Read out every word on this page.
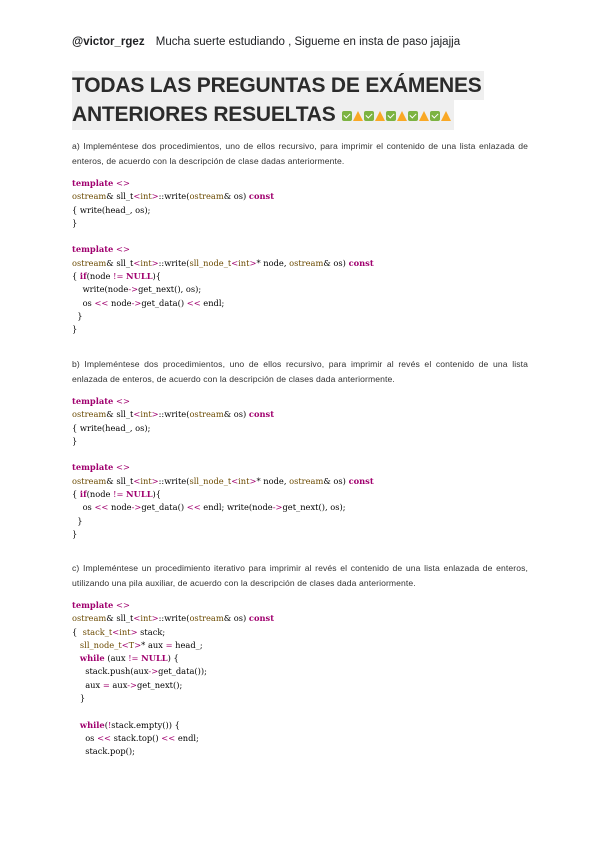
@victor_rgez Mucha suerte estudiando , Sigueme en insta de paso jajajja
TODAS LAS PREGUNTAS DE EXÁMENES
ANTERIORES RESUELTAS
a) Impleméntese dos procedimientos, uno de ellos recursivo, para imprimir el contenido de una lista enlazada de enteros, de acuerdo con la descripción de clase dadas anteriormente.
template <>
ostream& sll_t<int>::write(ostream& os) const
{ write(head_, os);
}

template <>
ostream& sll_t<int>::write(sll_node_t<int>* node, ostream& os) const
{ if(node != NULL){
write(node->get_next(), os);
os << node->get_data() << endl;
}
}
b) Impleméntese dos procedimientos, uno de ellos recursivo, para imprimir al revés el contenido de una lista enlazada de enteros, de acuerdo con la descripción de clases dada anteriormente.
template <>
ostream& sll_t<int>::write(ostream& os) const
{ write(head_, os);
}

template <>
ostream& sll_t<int>::write(sll_node_t<int>* node, ostream& os) const
{ if(node != NULL){
os << node->get_data() << endl; write(node->get_next(), os);
}
}
c) Impleméntese un procedimiento iterativo para imprimir al revés el contenido de una lista enlazada de enteros, utilizando una pila auxiliar, de acuerdo con la descripción de clases dada anteriormente.
template <>
ostream& sll_t<int>::write(ostream& os) const
{ stack_t<int> stack;
sll_node_t<T>* aux = head_;
while (aux != NULL) {
stack.push(aux->get_data());
aux = aux->get_next();
}

while(!stack.empty()) {
os << stack.top() << endl;
stack.pop();
